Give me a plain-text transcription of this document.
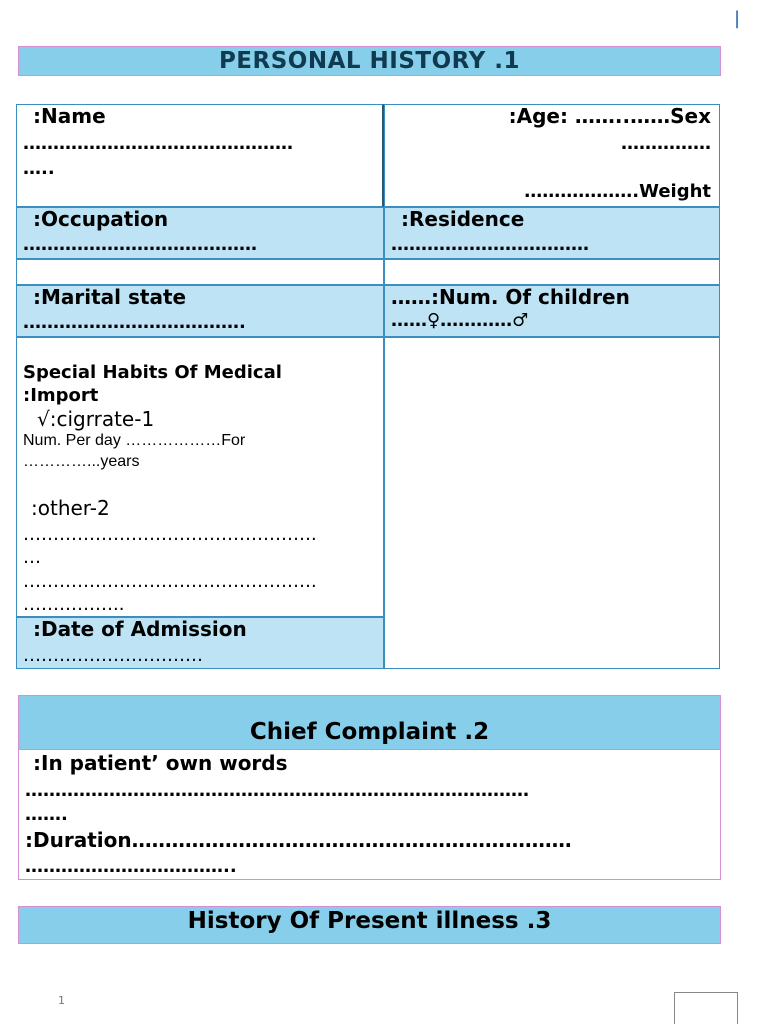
|
PERSONAL HISTORY .1
:Name
………………………………………
…..
:Age: ……..……Sex
……………
……………….Weight
:Occupation
…………………………………
:Residence
……………………………
:Marital state
……………………………….
……:Num. Of children
……♀…………♂
Special Habits Of Medical
:Import
√:cigrrate-1
Num. Per day ………………For
…………...years
:other-2
………………………………………….
…
………………………………………….
……………..
:Date of Admission
…………………………
Chief Complaint .2
:In patient’ own words
…………………………………………………………………………
…….
:Duration…………………………………………………………
……………………………..
History Of Present illness .3
1
